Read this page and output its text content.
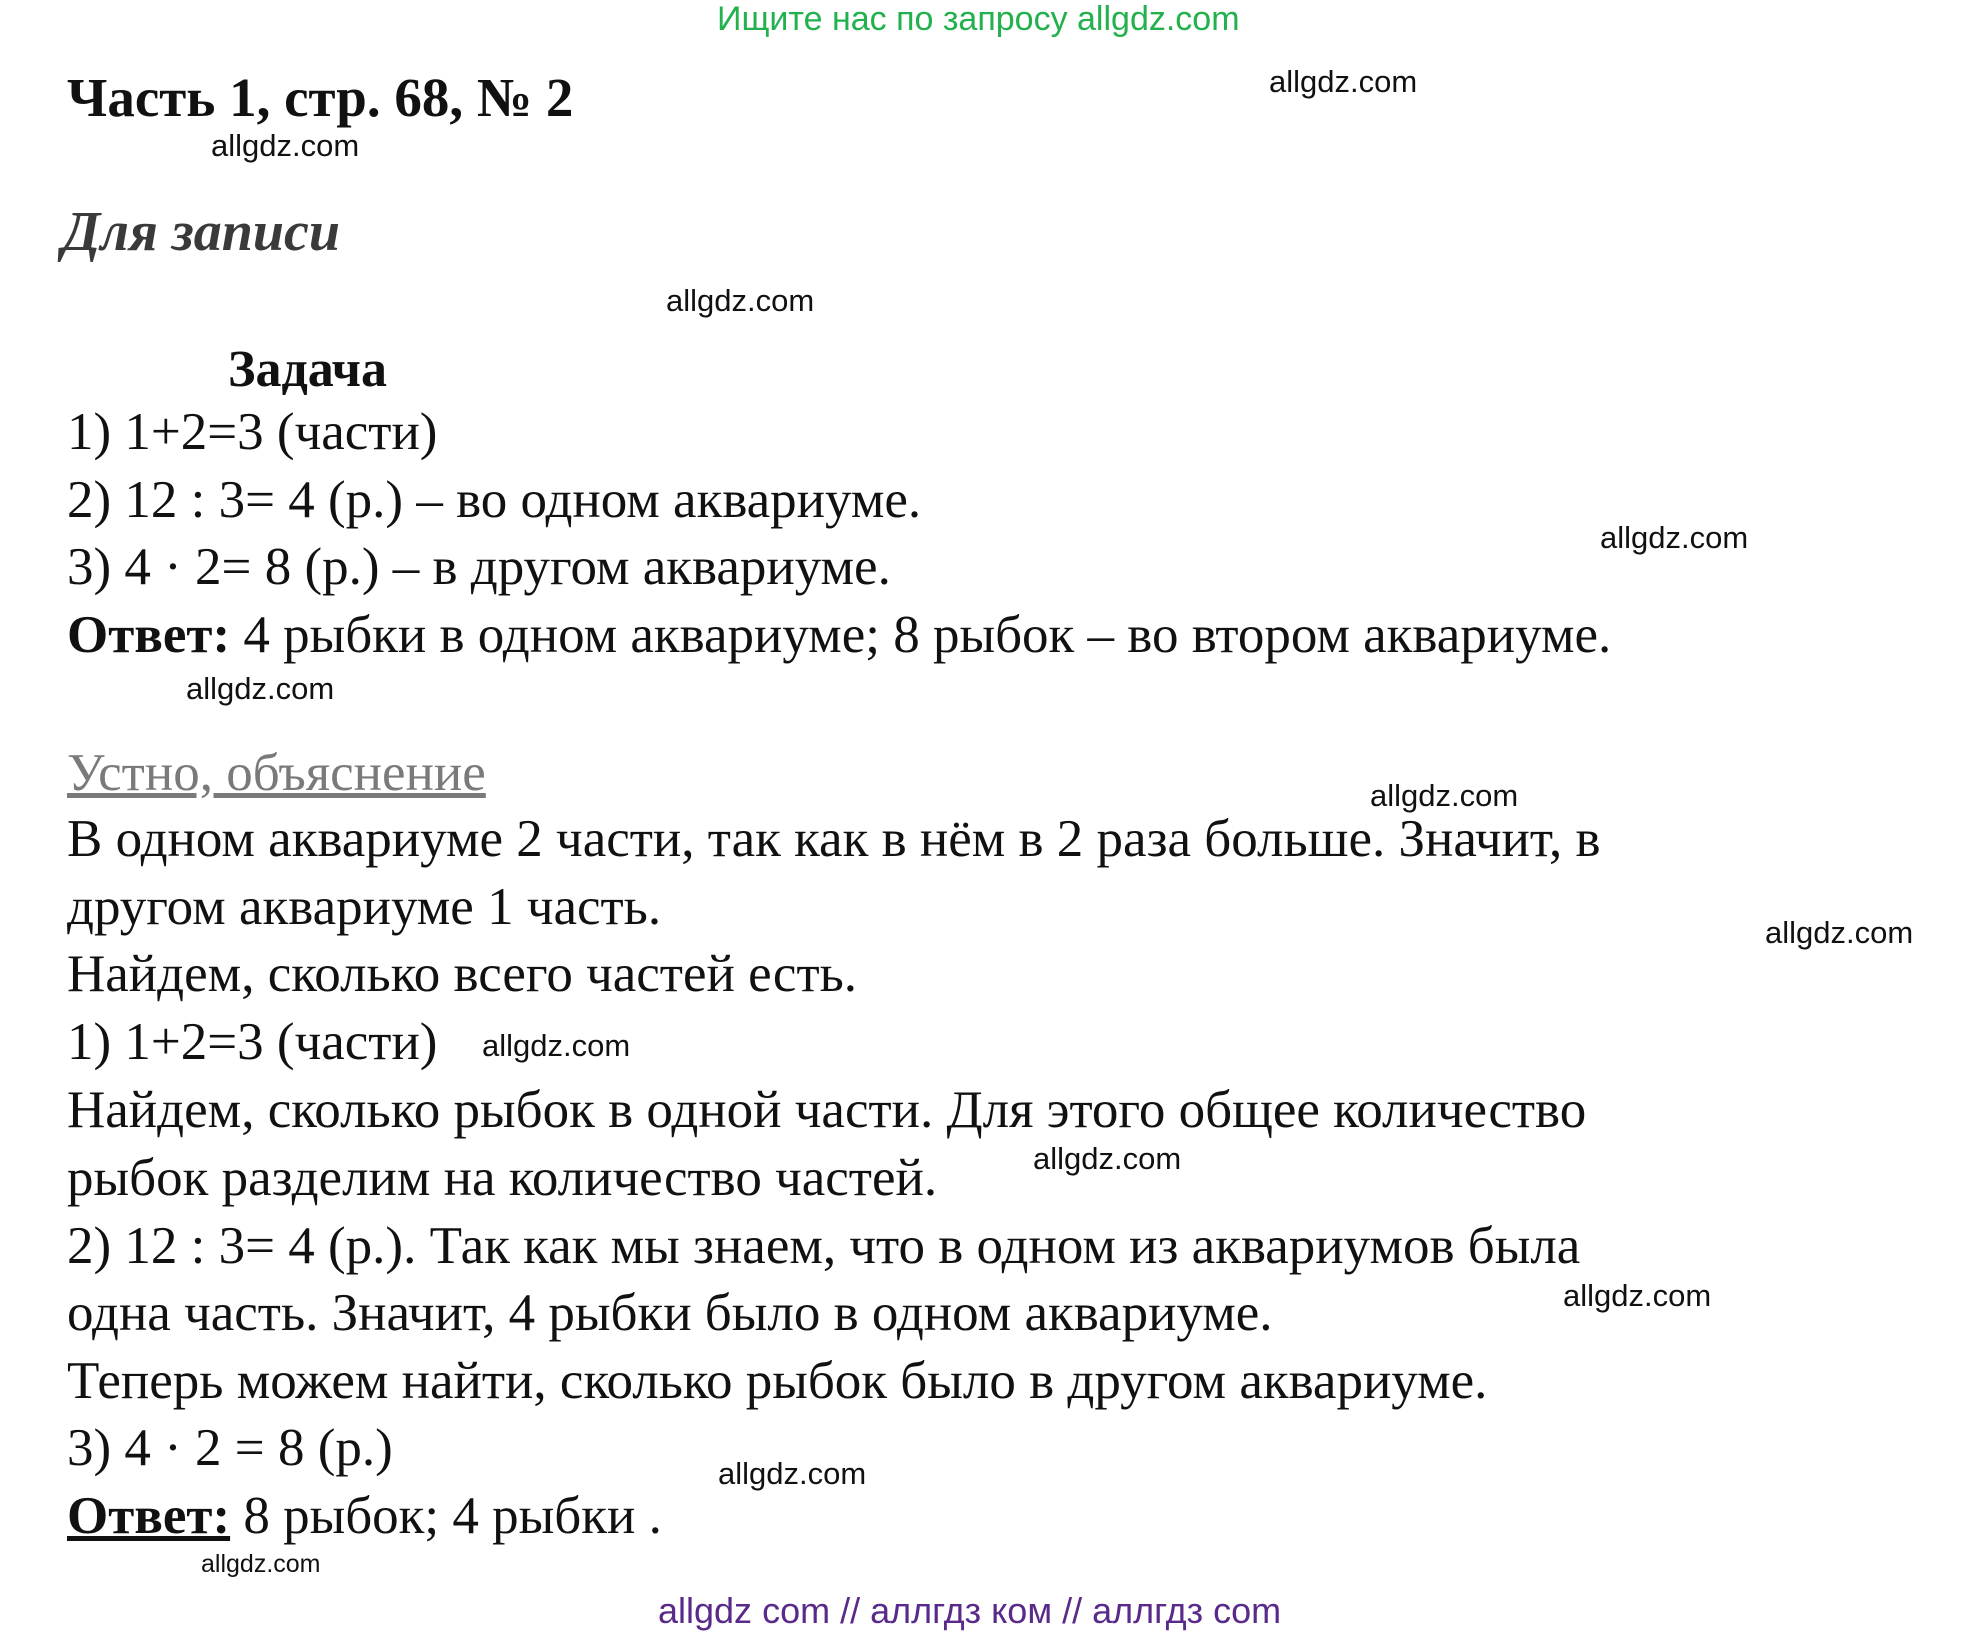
Ищите нас по запросу allgdz.com
Часть 1, стр. 68, № 2	allgdz.com
allgdz.com
Для записи
allgdz.com
Задача
1) 1+2=3 (части)
2) 12 : 3= 4 (р.) – во одном аквариуме.
allgdz.com
3) 4 · 2= 8 (р.) – в другом аквариуме.
Ответ: 4 рыбки в одном аквариуме; 8 рыбок – во втором аквариуме.
allgdz.com
Устно, объяснение	allgdz.com
В одном аквариуме 2 части, так как в нём в 2 раза больше. Значит, в
другом аквариуме 1 часть.	allgdz.com
Найдем, сколько всего частей есть.
1) 1+2=3 (части) allgdz.com
Найдем, сколько рыбок в одной части. Для этого общее количество
рыбок разделим на количество частей.	allgdz.com
2) 12 : 3= 4 (р.). Так как мы знаем, что в одном из аквариумов была
одна часть. Значит, 4 рыбки было в одном аквариуме.	allgdz.com
Теперь можем найти, сколько рыбок было в другом аквариуме.
3) 4 · 2 = 8 (р.)	allgdz.com
Ответ: 8 рыбок; 4 рыбки .
allgdz.com
allgdz com // аллгдз ком // аллгдз com
